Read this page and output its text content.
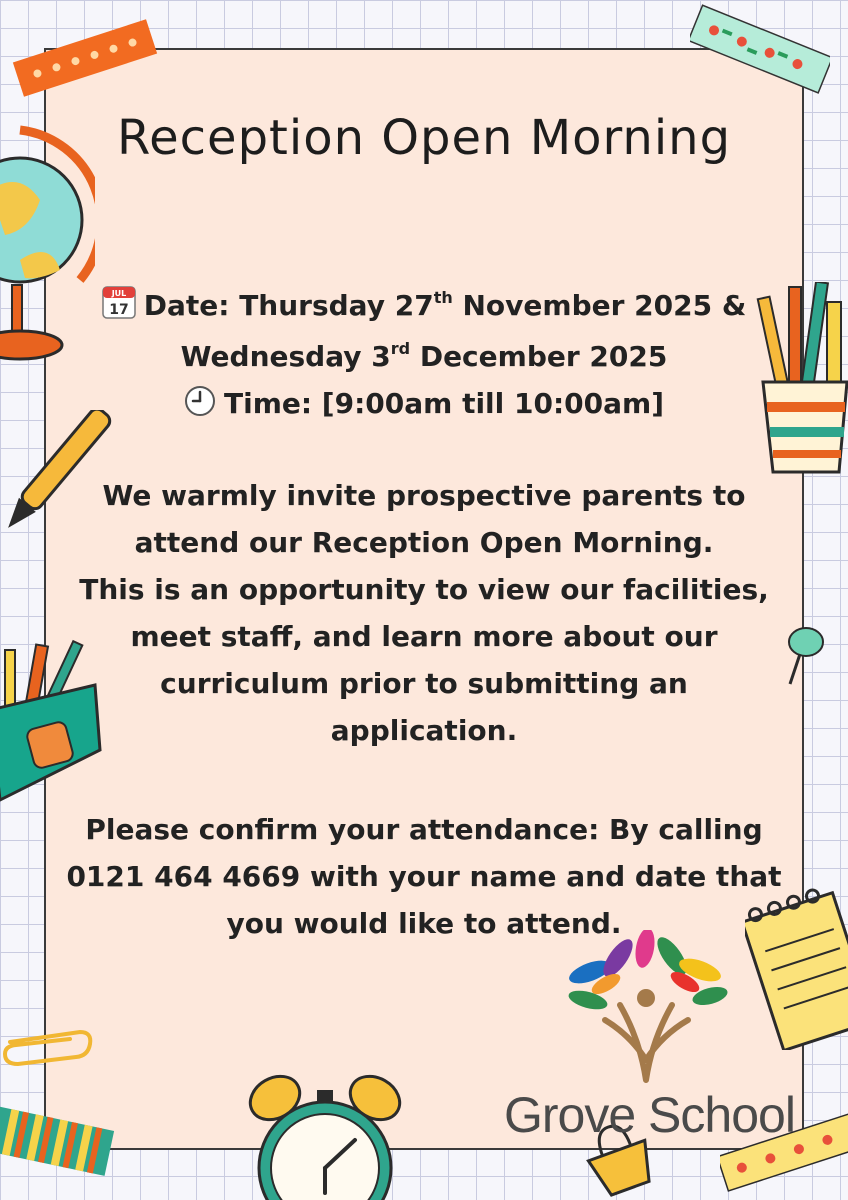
Reception Open Morning

JUL
17 Date: Thursday 27th November 2025 &

Wednesday 3rd December 2025

Time: [9:00am till 10:00am]

We warmly invite prospective parents to

attend our Reception Open Morning.

This is an opportunity to view our facilities,

meet staff, and learn more about our

curriculum prior to submitting an

application.

Please confirm your attendance: By calling

0121 464 4669 with your name and date that

you would like to attend.

Grove School
